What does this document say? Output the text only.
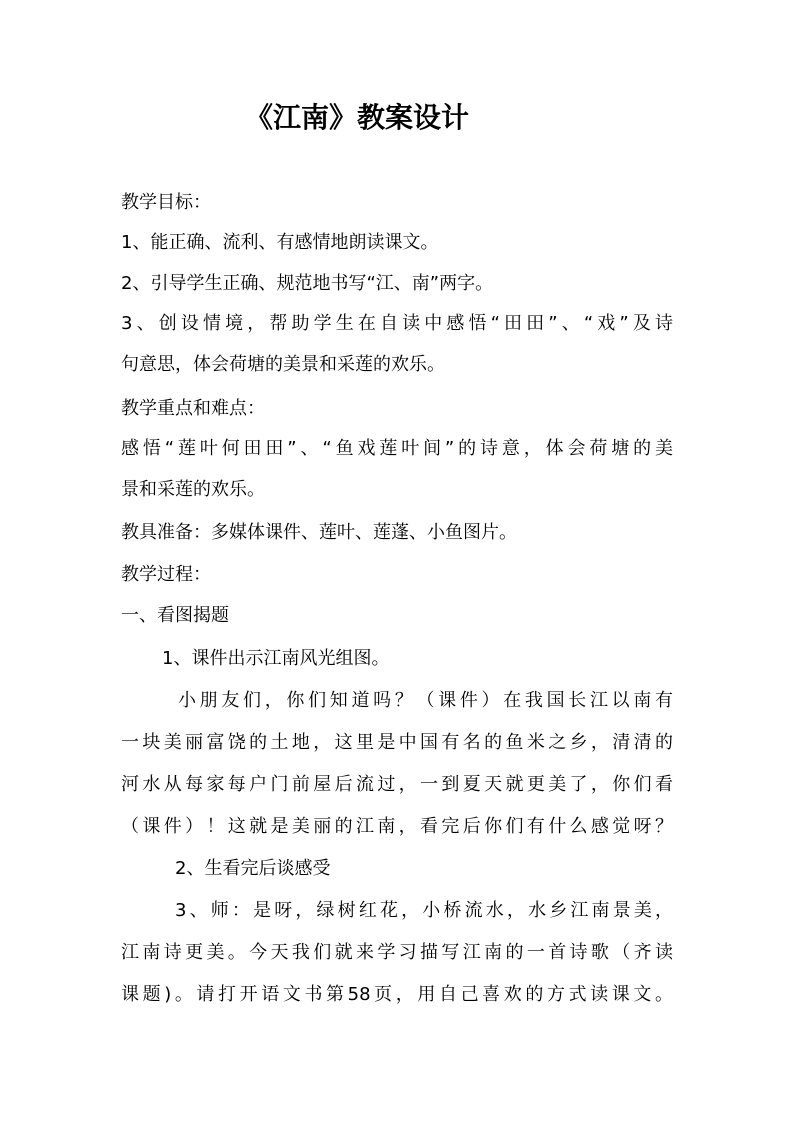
《江南》教案设计
教学目标：
1、能正确、流利、有感情地朗读课文。
2、引导学生正确、规范地书写“江、南”两字。
3、创设情境，帮助学生在自读中感悟“田田”、“戏”及诗
句意思，体会荷塘的美景和采莲的欢乐。
教学重点和难点：
感悟“莲叶何田田”、“鱼戏莲叶间”的诗意，体会荷塘的美
景和采莲的欢乐。
教具准备：多媒体课件、莲叶、莲蓬、小鱼图片。
教学过程：
一、看图揭题
1、课件出示江南风光组图。
小朋友们，你们知道吗？（课件）在我国长江以南有
一块美丽富饶的土地，这里是中国有名的鱼米之乡，清清的
河水从每家每户门前屋后流过，一到夏天就更美了，你们看
（课件）！这就是美丽的江南，看完后你们有什么感觉呀？
2、生看完后谈感受
3、师：是呀，绿树红花，小桥流水，水乡江南景美，
江南诗更美。今天我们就来学习描写江南的一首诗歌（齐读
课题)。请打开语文书第58页，用自己喜欢的方式读课文。
